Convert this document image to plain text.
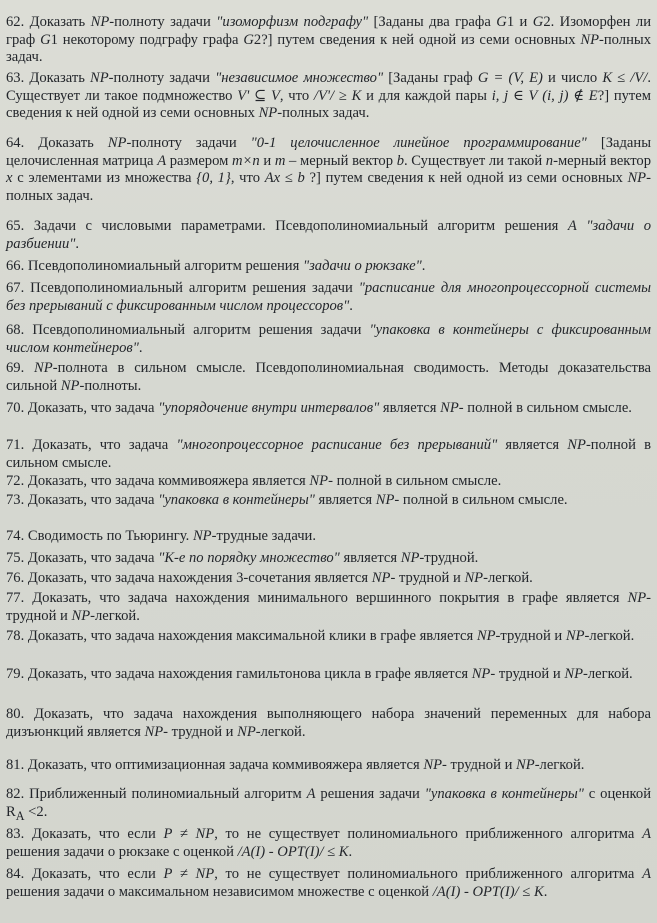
62. Доказать NP-полноту задачи "изоморфизм подграфу" [Заданы два графа G1 и G2. Изоморфен ли граф G1 некоторому подграфу графа G2?] путем сведения к ней одной из семи основных NP-полных задач.
63. Доказать NP-полноту задачи "независимое множество" [Заданы граф G = (V, E) и число K ≤ /V/. Существует ли такое подмножество V' ⊆ V, что /V'/ ≥ K и для каждой пары i, j ∈ V (i, j) ∉ E?] путем сведения к ней одной из семи основных NP-полных задач.
64. Доказать NP-полноту задачи "0-1 целочисленное линейное программирование" [Заданы целочисленная матрица A размером m×n и m – мерный вектор b. Существует ли такой n-мерный вектор x с элементами из множества {0, 1}, что Ax ≤ b ?] путем сведения к ней одной из семи основных NP-полных задач.
65. Задачи с числовыми параметрами. Псевдополиномиальный алгоритм решения A "задачи о разбиении".
66. Псевдополиномиальный алгоритм решения "задачи о рюкзаке".
67. Псевдополиномиальный алгоритм решения задачи "расписание для многопроцессорной системы без прерываний с фиксированным числом процессоров".
68. Псевдополиномиальный алгоритм решения задачи "упаковка в контейнеры с фиксированным числом контейнеров".
69. NP-полнота в сильном смысле. Псевдополиномиальная сводимость. Методы доказательства сильной NP-полноты.
70. Доказать, что задача "упорядочение внутри интервалов" является NP- полной в сильном смысле.
71. Доказать, что задача "многопроцессорное расписание без прерываний" является NP-полной в сильном смысле.
72. Доказать, что задача коммивояжера является NP- полной в сильном смысле.
73. Доказать, что задача "упаковка в контейнеры" является NP- полной в сильном смысле.
74. Сводимость по Тьюрингу. NP-трудные задачи.
75. Доказать, что задача "К-е по порядку множество" является NP-трудной.
76. Доказать, что задача нахождения 3-сочетания является NP- трудной и NP-легкой.
77. Доказать, что задача нахождения минимального вершинного покрытия в графе является NP-трудной и NP-легкой.
78. Доказать, что задача нахождения максимальной клики в графе является NP-трудной и NP-легкой.
79. Доказать, что задача нахождения гамильтонова цикла в графе является NP- трудной и NP-легкой.
80. Доказать, что задача нахождения выполняющего набора значений переменных для набора дизъюнкций является NP- трудной и NP-легкой.
81. Доказать, что оптимизационная задача коммивояжера является NP- трудной и NP-легкой.
82. Приближенный полиномиальный алгоритм A решения задачи "упаковка в контейнеры" с оценкой $R_A <2$.
83. Доказать, что если P ≠ NP, то не существует полиномиального приближенного алгоритма A решения задачи о рюкзаке с оценкой /A(I) - OPT(I)/ ≤ K.
84. Доказать, что если P ≠ NP, то не существует полиномиального приближенного алгоритма A решения задачи о максимальном независимом множестве с оценкой /A(I) - OPT(I)/ ≤ K.
